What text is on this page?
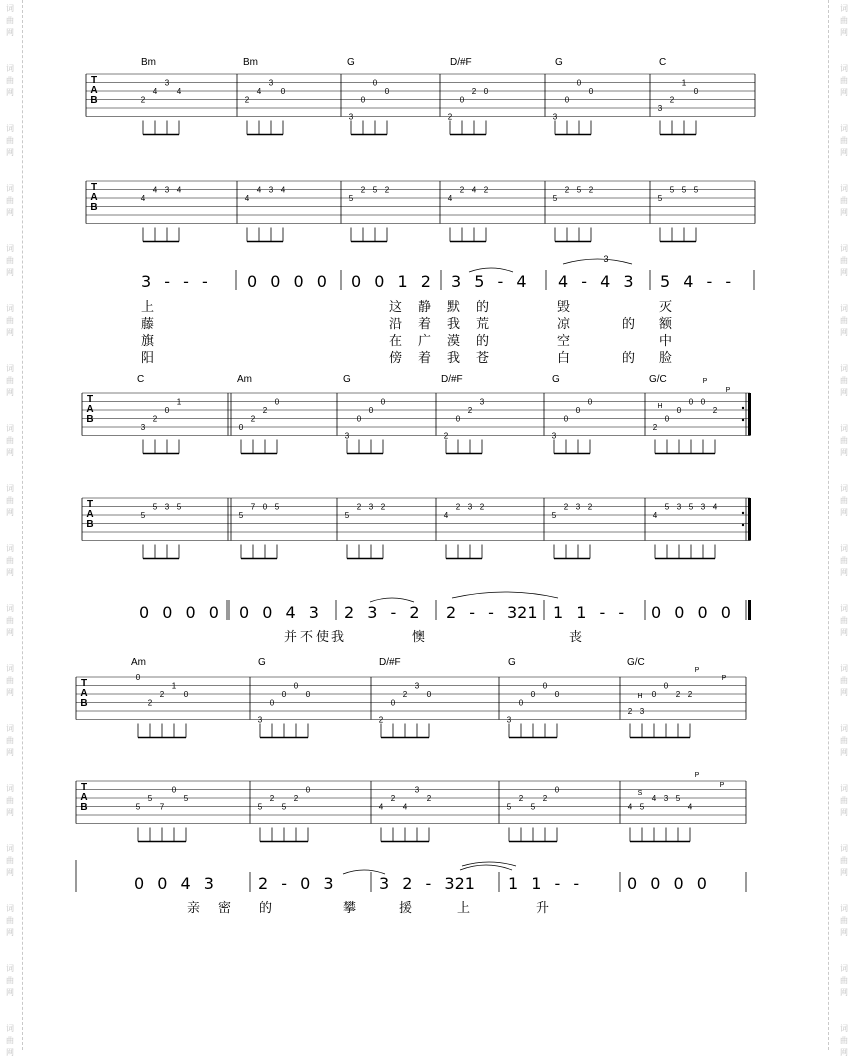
词
曲
网
词
曲
网
词
曲
网
词
曲
网
词
曲
网
词
曲
网
词
曲
网
词
曲
网
词
曲
网
词
曲
网
词
曲
网
词
曲
网
词
曲
网
词
曲
网
词
曲
网
词
曲
网
词
曲
网
词
曲
网
词
曲
网
词
曲
网
词
曲
网
词
曲
网
词
曲
网
词
曲
网
词
曲
网
词
曲
网
词
曲
网
词
曲
网
词
曲
网
词
曲
网
词
曲
网
词
曲
网
词
曲
网
词
曲
网
词
曲
网
词
曲
网
T
A
B	2
4
3
4
2
4
3
0
3
0
0
0
2
0
2 0
3
0
0
0
3
2
1
0
T
A
B
4
4 3 4
4
4 3 4
5
2 5 2
4
2 4 2
5
2 5 2
5
5 5 5
3
T
A
B
3
2
0
1
0
2
2
0
3
0
0
0
2
0
2
3
3
0
0
0
2
0
0
0 0
2
T
A
B
5
5 3 5
5
7 0 5
5
2 3 2
4
2 3 2
5
2 3 2
4
5 3 5 3 4
P
P
H
T
A
B
0
2
2
1
0
3
0
0
0
0
2
0
2
3
0
3
0
0
0
0
2 3
0
0
2 2
T
A
B	5
5
7
0
5
5
2
5
2
0
4
2
4
3
2
5
2
5
2
0
4 5
4 3 5
4
P
P
H
S
P
P
Bm	Bm	G	D/#F	G	C
3 - - - 0 0 0 0 0 0 1 2 3 5 - 4 4 - 4 3 5 4 - -
上	这 静 默 的	毁	灭
藤	沿 着 我 荒	凉	的 额
旗	在 广 漠 的	空	中
阳	傍 着 我 苍	白	的 脸
C	Am	G	D/#F	G	G/C
0 0 0 0 0 0 4 3 2 3 - 2 2 - - 321 1 1 - - 0 0 0 0
并 不 使 我	懊	丧
Am	G	D/#F	G	G/C
0 0 4 3	2 - 0 3	3 2 - 321 1 1 - -	0 0 0 0
亲 密 的	攀	援	上	升
